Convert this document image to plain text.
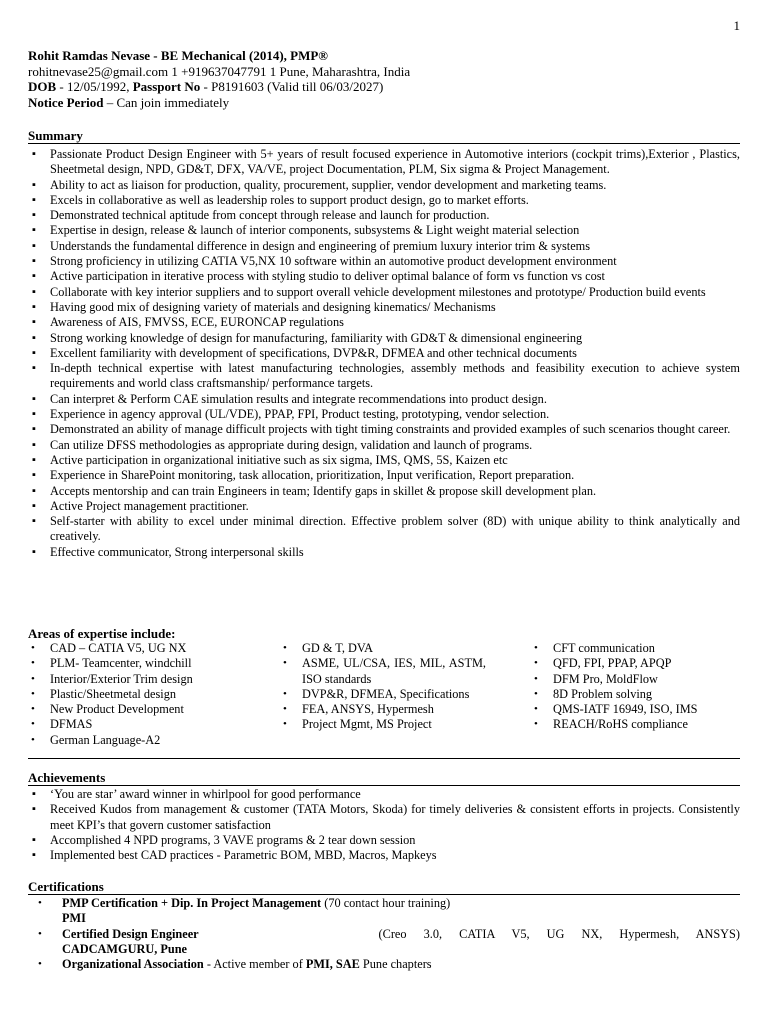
1
Rohit Ramdas Nevase - BE Mechanical (2014), PMP®
rohitnevase25@gmail.com 1 +919637047791 1 Pune, Maharashtra, India
DOB - 12/05/1992, Passport No - P8191603 (Valid till 06/03/2027)
Notice Period – Can join immediately
Summary
▪ Passionate Product Design Engineer with 5+ years of result focused experience in Automotive interiors (cockpit trims),Exterior , Plastics, Sheetmetal design, NPD, GD&T, DFX, VA/VE, project Documentation, PLM, Six sigma & Project Management.
▪ Ability to act as liaison for production, quality, procurement, supplier, vendor development and marketing teams.
▪ Excels in collaborative as well as leadership roles to support product design, go to market efforts.
▪ Demonstrated technical aptitude from concept through release and launch for production.
▪ Expertise in design, release & launch of interior components, subsystems & Light weight material selection
▪ Understands the fundamental difference in design and engineering of premium luxury interior trim & systems
▪ Strong proficiency in utilizing CATIA V5,NX 10 software within an automotive product development environment
▪ Active participation in iterative process with styling studio to deliver optimal balance of form vs function vs cost
▪ Collaborate with key interior suppliers and to support overall vehicle development milestones and prototype/ Production build events
▪ Having good mix of designing variety of materials and designing kinematics/ Mechanisms
▪ Awareness of AIS, FMVSS, ECE, EURONCAP regulations
▪ Strong working knowledge of design for manufacturing, familiarity with GD&T & dimensional engineering
▪ Excellent familiarity with development of specifications, DVP&R, DFMEA and other technical documents
▪ In-depth technical expertise with latest manufacturing technologies, assembly methods and feasibility execution to achieve system requirements and world class craftsmanship/ performance targets.
▪ Can interpret & Perform CAE simulation results and integrate recommendations into product design.
▪ Experience in agency approval (UL/VDE), PPAP, FPI, Product testing, prototyping, vendor selection.
▪ Demonstrated an ability of manage difficult projects with tight timing constraints and provided examples of such scenarios thought career.
▪ Can utilize DFSS methodologies as appropriate during design, validation and launch of programs.
▪ Active participation in organizational initiative such as six sigma, IMS, QMS, 5S, Kaizen etc
▪ Experience in SharePoint monitoring, task allocation, prioritization, Input verification, Report preparation.
▪ Accepts mentorship and can train Engineers in team; Identify gaps in skillet & propose skill development plan.
▪ Active Project management practitioner.
▪ Self-starter with ability to excel under minimal direction. Effective problem solver (8D) with unique ability to think analytically and creatively.
▪ Effective communicator, Strong interpersonal skills
Areas of expertise include:
• CAD – CATIA V5, UG NX
• PLM- Teamcenter, windchill
• Interior/Exterior Trim design
• Plastic/Sheetmetal design
• New Product Development
• DFMAS
• German Language-A2
• GD & T, DVA
• ASME, UL/CSA, IES, MIL, ASTM, ISO standards
• DVP&R, DFMEA, Specifications
• FEA, ANSYS, Hypermesh
• Project Mgmt, MS Project
• CFT communication
• QFD, FPI, PPAP, APQP
• DFM Pro, MoldFlow
• 8D Problem solving
• QMS-IATF 16949, ISO, IMS
• REACH/RoHS compliance
Achievements
▪ ‘You are star’ award winner in whirlpool for good performance
▪ Received Kudos from management & customer (TATA Motors, Skoda) for timely deliveries & consistent efforts in projects. Consistently meet KPI’s that govern customer satisfaction
▪ Accomplished 4 NPD programs, 3 VAVE programs & 2 tear down session
▪ Implemented best CAD practices - Parametric BOM, MBD, Macros, Mapkeys
Certifications
• PMP Certification + Dip. In Project Management (70 contact hour training)
PMI
• Certified Design Engineer	(Creo 3.0, CATIA V5, UG NX, Hypermesh, ANSYS)
CADCAMGURU, Pune
• Organizational Association - Active member of PMI, SAE Pune chapters
